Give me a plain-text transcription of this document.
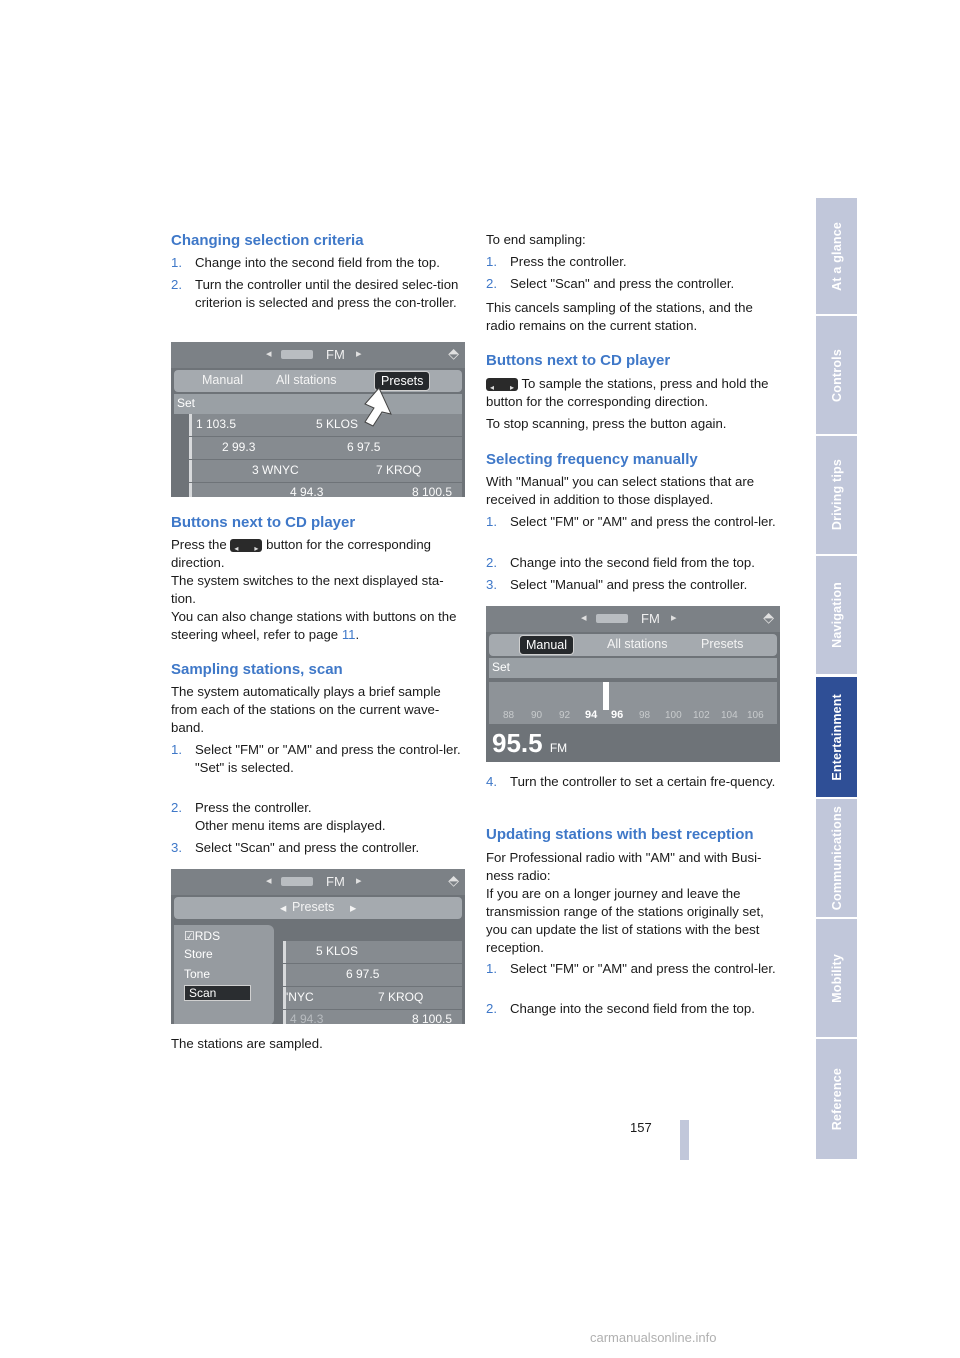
Changing selection criteria
1. Change into the second field from the top.
2. Turn the controller until the desired selec-tion criterion is selected and press the con-troller.
◂	FM ▸	⬘
Manual	All stations	Presets
Set
1 103.5	5 KLOS
2 99.3	6 97.5
3 WNYC	7 KROQ
4 94.3	8 100.5
Buttons next to CD player

Press the ◂ ▸ button for the corresponding direction.

The system switches to the next displayed sta-tion.

You can also change stations with buttons on the steering wheel, refer to page 11.

Sampling stations, scan

The system automatically plays a brief sample from each of the stations on the current wave-band.

1. Select "FM" or "AM" and press the control-ler.
"Set" is selected.
2. Press the controller.
Other menu items are displayed.
3. Select "Scan" and press the controller.
◂	FM ▸	⬘
◂ Presets ▸
5 KLOS
6 97.5
'NYC	7 KROQ
4 94.3	8 100.5
☑RDS
Store
Tone
Scan

The stations are sampled.

To end sampling:

1. Press the controller.
2. Select "Scan" and press the controller.

This cancels sampling of the stations, and the radio remains on the current station.

Buttons next to CD player

◂ ▸ To sample the stations, press and hold the button for the corresponding direction.

To stop scanning, press the button again.

Selecting frequency manually

With "Manual" you can select stations that are received in addition to those displayed.

1. Select "FM" or "AM" and press the control-ler.
2. Change into the second field from the top.
3. Select "Manual" and press the controller.
◂	FM ▸	⬘
Manual	All stations	Presets
Set
88 90 92 94 96 98 100 102 104 106
95.5 FM
4. Turn the controller to set a certain fre-quency.
Updating stations with best reception

For Professional radio with "AM" and with Busi-ness radio:

If you are on a longer journey and leave the transmission range of the stations originally set, you can update the list of stations with the best reception.

1. Select "FM" or "AM" and press the control-ler.
2. Change into the second field from the top.
At a glance
Controls
Driving tips
Navigation
Entertainment
Communications
Mobility
Reference
157
carmanualsonline.info
